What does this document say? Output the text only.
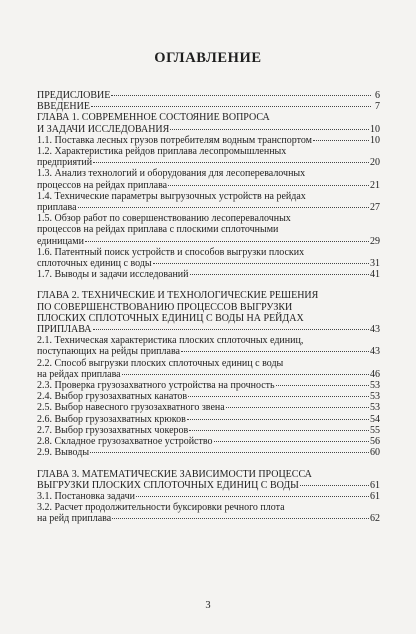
ОГЛАВЛЕНИЕ
ПРЕДИСЛОВИЕ	6
ВВЕДЕНИЕ	7
ГЛАВА 1. СОВРЕМЕННОЕ СОСТОЯНИЕ ВОПРОСА
И ЗАДАЧИ ИССЛЕДОВАНИЯ	10
1.1. Поставка лесных грузов потребителям водным транспортом	10
1.2. Характеристика рейдов приплава лесопромышленных
предприятий	20
1.3. Анализ технологий и оборудования для лесоперевалочных
процессов на рейдах приплава	21
1.4. Технические параметры выгрузочных устройств на рейдах
приплава	27
1.5. Обзор работ по совершенствованию лесоперевалочных
процессов на рейдах приплава с плоскими сплоточными
единицами	29
1.6. Патентный поиск устройств и способов выгрузки плоских
сплоточных единиц с воды	31
1.7. Выводы и задачи исследований	41
ГЛАВА 2. ТЕХНИЧЕСКИЕ И ТЕХНОЛОГИЧЕСКИЕ РЕШЕНИЯ
ПО СОВЕРШЕНСТВОВАНИЮ ПРОЦЕССОВ ВЫГРУЗКИ
ПЛОСКИХ СПЛОТОЧНЫХ ЕДИНИЦ С ВОДЫ НА РЕЙДАХ
ПРИПЛАВА	43
2.1. Техническая характеристика плоских сплоточных единиц,
поступающих на рейды приплава	43
2.2. Способ выгрузки плоских сплоточных единиц с воды
на рейдах приплава	46
2.3. Проверка грузозахватного устройства на прочность	53
2.4. Выбор грузозахватных канатов	53
2.5. Выбор навесного грузозахватного звена	53
2.6. Выбор грузозахватных крюков	54
2.7. Выбор грузозахватных чокеров	55
2.8. Складное грузозахватное устройство	56
2.9. Выводы	60
ГЛАВА 3. МАТЕМАТИЧЕСКИЕ ЗАВИСИМОСТИ ПРОЦЕССА
ВЫГРУЗКИ ПЛОСКИХ СПЛОТОЧНЫХ ЕДИНИЦ С ВОДЫ	61
3.1. Постановка задачи	61
3.2. Расчет продолжительности буксировки речного плота
на рейд приплава	62
3
